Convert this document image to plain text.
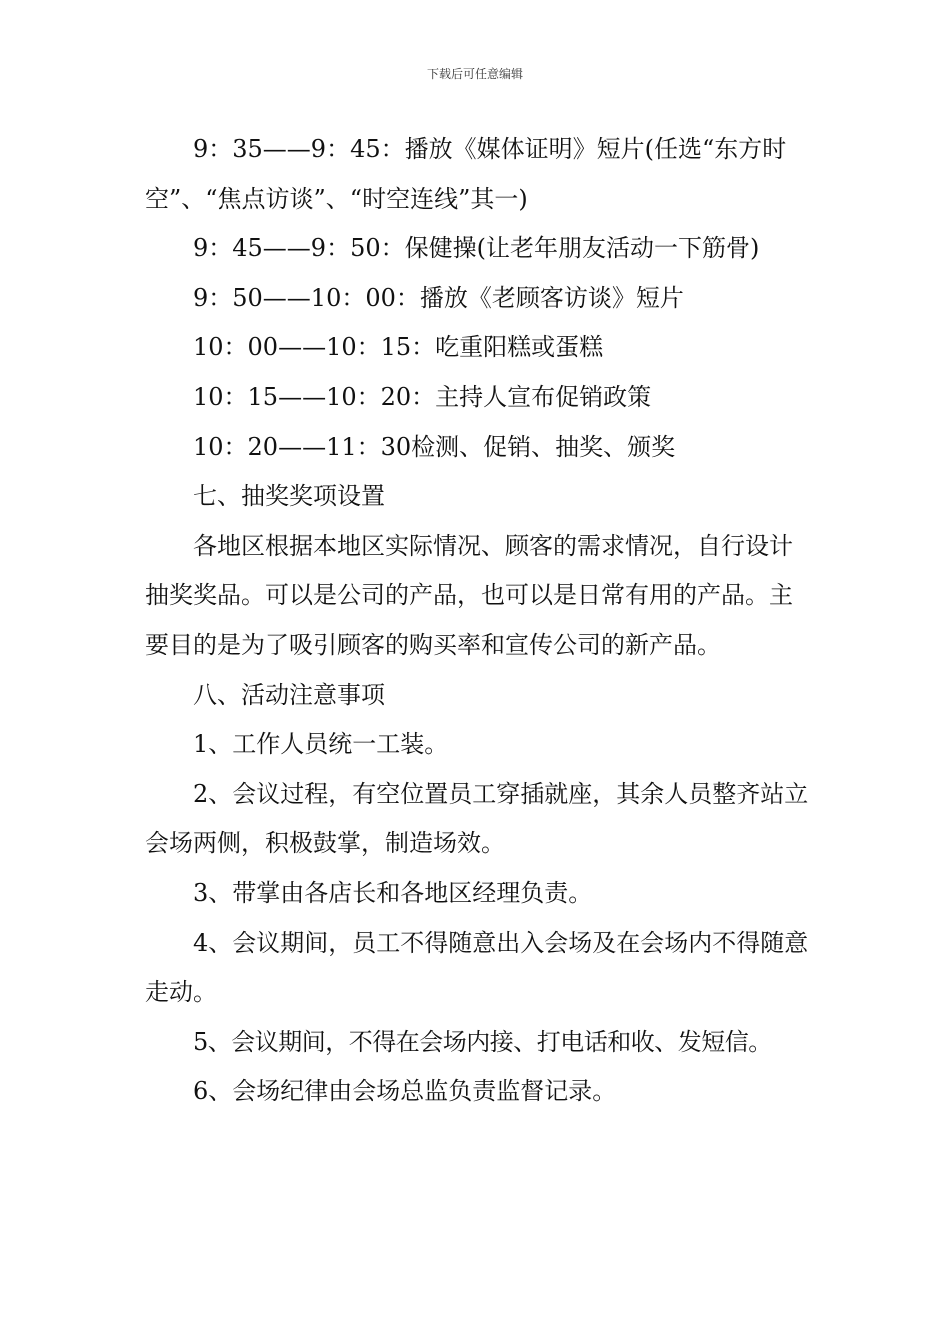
下载后可任意编辑

9：35——9：45：播放《媒体证明》短片(任选“东方时空”、“焦点访谈”、“时空连线”其一)

9：45——9：50：保健操(让老年朋友活动一下筋骨)

9：50——10：00：播放《老顾客访谈》短片

10：00——10：15：吃重阳糕或蛋糕

10：15——10：20：主持人宣布促销政策

10：20——11：30检测、促销、抽奖、颁奖

七、抽奖奖项设置

各地区根据本地区实际情况、顾客的需求情况，自行设计抽奖奖品。可以是公司的产品，也可以是日常有用的产品。主要目的是为了吸引顾客的购买率和宣传公司的新产品。

八、活动注意事项

1、工作人员统一工装。

2、会议过程，有空位置员工穿插就座，其余人员整齐站立会场两侧，积极鼓掌，制造场效。

3、带掌由各店长和各地区经理负责。

4、会议期间，员工不得随意出入会场及在会场内不得随意走动。

5、会议期间，不得在会场内接、打电话和收、发短信。

6、会场纪律由会场总监负责监督记录。
